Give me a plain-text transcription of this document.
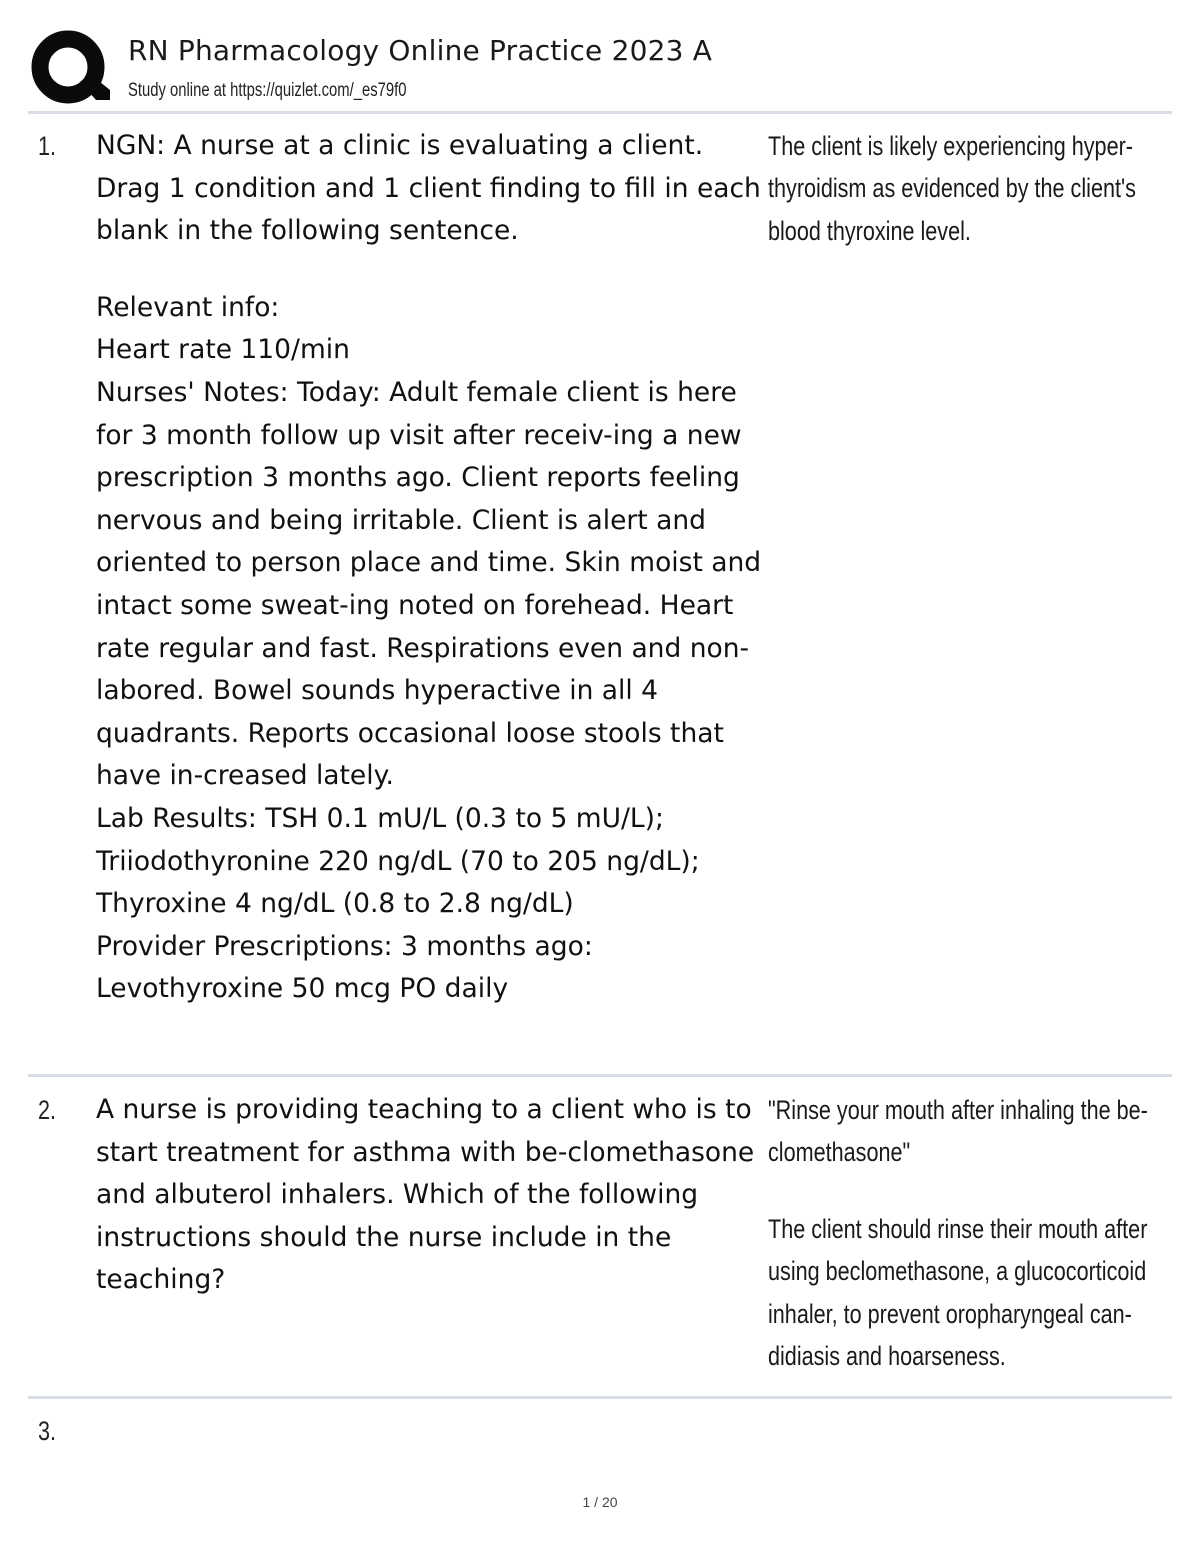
RN Pharmacology Online Practice 2023 A
Study online at https://quizlet.com/_es79f0
1. NGN: A nurse at a clinic is evaluating a client. Drag 1 condition and 1 client finding to fill in each blank in the following sentence.

Relevant info:

Heart rate 110/min

Nurses' Notes: Today: Adult female client is here for 3 month follow up visit after receiv-ing a new prescription 3 months ago. Client reports feeling nervous and being irritable. Client is alert and oriented to person place and time. Skin moist and intact some sweat-ing noted on forehead. Heart rate regular and fast. Respirations even and non-labored. Bowel sounds hyperactive in all 4 quadrants. Reports occasional loose stools that have in-creased lately.

Lab Results: TSH 0.1 mU/L (0.3 to 5 mU/L); Triiodothyronine 220 ng/dL (70 to 205 ng/dL); Thyroxine 4 ng/dL (0.8 to 2.8 ng/dL)

Provider Prescriptions: 3 months ago: Levothyroxine 50 mcg PO daily

The client is likely experiencing hyper-thyroidism as evidenced by the client's blood thyroxine level.

2. A nurse is providing teaching to a client who is to start treatment for asthma with be-clomethasone and albuterol inhalers. Which of the following instructions should the nurse include in the teaching?

"Rinse your mouth after inhaling the be-clomethasone"

The client should rinse their mouth after using beclomethasone, a glucocorticoid inhaler, to prevent oropharyngeal can-didiasis and hoarseness.

3.
1 / 20
